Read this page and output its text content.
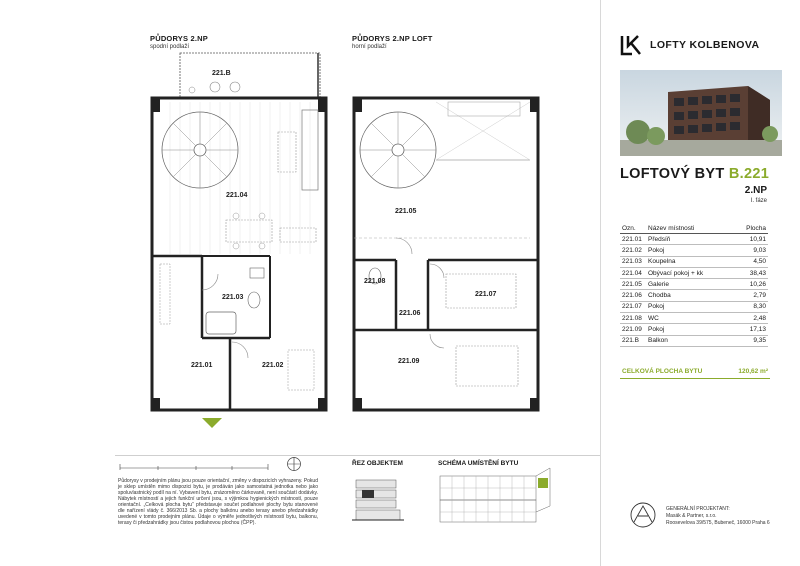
PŮDORYS 2.NP
spodní podlaží
221.B
221.04
221.03
221.01	221.02
PŮDORYS 2.NP LOFT
horní podlaží
221.05
221.08
221.07
221.06
221.09
LOFTY KOLBENOVA
LOFTOVÝ BYT B.221
2.NP
I. fáze
Ozn.	Název místnosti	Plocha
221.01	Předsíň	10,91
221.02	Pokoj	9,03
221.03	Koupelna	4,50
221.04	Obývací pokoj + kk	38,43
221.05	Galerie	10,26
221.06	Chodba	2,79
221.07	Pokoj	8,30
221.08	WC	2,48
221.09	Pokoj	17,13
221.B	Balkon	9,35
CELKOVÁ PLOCHA BYTU	120,62 m²
Půdorysy v prodejním plánu jsou pouze orientační, změny v dispozicích vyhrazeny. Pokud je sklep umístěn mimo dispozici bytu, je prodáván jako samostatná jednotka nebo jako spoluvlastnický podíl na ní. Vybavení bytu, znázorněno čárkovaně, není součástí dodávky. Nábytek místností a jejich funkční určení jsou, s výjimkou hygienických místností, pouze orientační. „Celková plocha bytu“ představuje součet podlahové plochy bytu stanovené dle nařízení vlády č. 366/2013 Sb. a plochy balkónu anebo terasy anebo předzahrádky uvedené v tomto prodejním plánu. Údaje o výměře jednotlivých místností bytu, balkonu, terasy či předzahrádky jsou čistou podlahovou plochou (ČPP).
ŘEZ OBJEKTEM	SCHÉMA UMÍSTĚNÍ BYTU
GENERÁLNÍ PROJEKTANT:
Masák & Partner, s.r.o.
Roosevelova 39/575, Bubeneč, 16000 Praha 6
